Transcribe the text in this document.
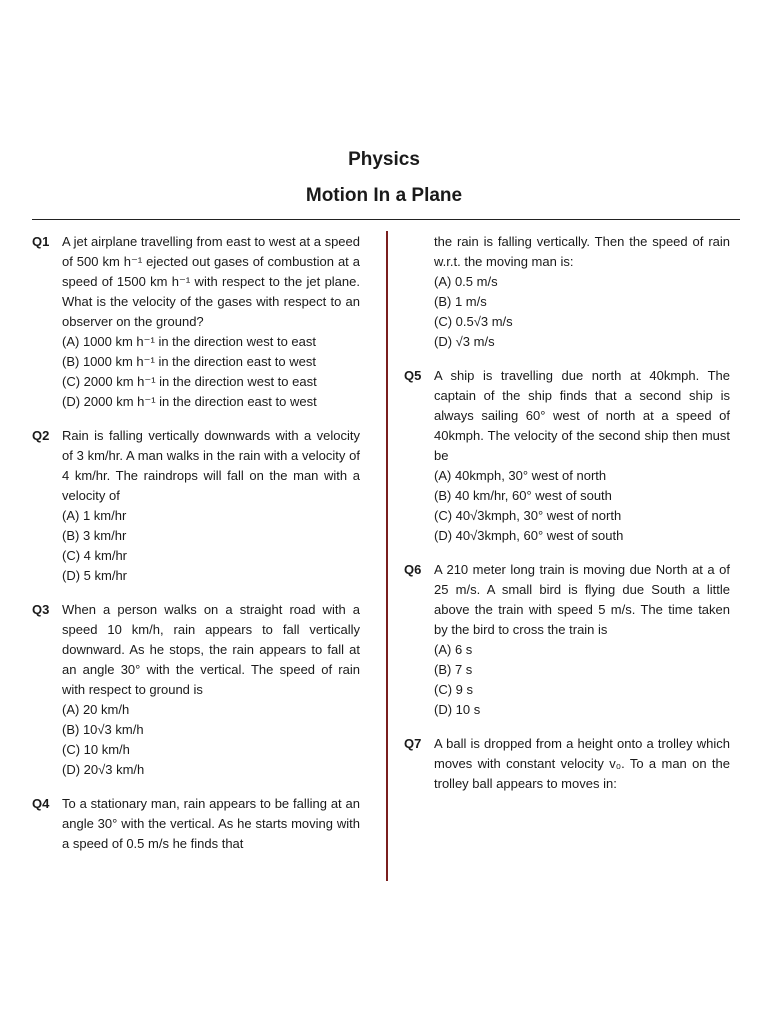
Physics
Motion In a Plane
Q1 A jet airplane travelling from east to west at a speed of 500 km h⁻¹ ejected out gases of combustion at a speed of 1500 km h⁻¹ with respect to the jet plane. What is the velocity of the gases with respect to an observer on the ground?
(A) 1000 km h⁻¹ in the direction west to east
(B) 1000 km h⁻¹ in the direction east to west
(C) 2000 km h⁻¹ in the direction west to east
(D) 2000 km h⁻¹ in the direction east to west
Q2 Rain is falling vertically downwards with a velocity of 3 km/hr. A man walks in the rain with a velocity of 4 km/hr. The raindrops will fall on the man with a velocity of
(A) 1 km/hr
(B) 3 km/hr
(C) 4 km/hr
(D) 5 km/hr
Q3 When a person walks on a straight road with a speed 10 km/h, rain appears to fall vertically downward. As he stops, the rain appears to fall at an angle 30° with the vertical. The speed of rain with respect to ground is
(A) 20 km/h
(B) 10√3 km/h
(C) 10 km/h
(D) 20√3 km/h
Q4 To a stationary man, rain appears to be falling at an angle 30° with the vertical. As he starts moving with a speed of 0.5 m/s he finds that
the rain is falling vertically. Then the speed of rain w.r.t. the moving man is:
(A) 0.5 m/s
(B) 1 m/s
(C) 0.5√3 m/s
(D) √3 m/s
Q5 A ship is travelling due north at 40kmph. The captain of the ship finds that a second ship is always sailing 60° west of north at a speed of 40kmph. The velocity of the second ship then must be
(A) 40kmph, 30° west of north
(B) 40 km/hr, 60° west of south
(C) 40√3kmph, 30° west of north
(D) 40√3kmph, 60° west of south
Q6 A 210 meter long train is moving due North at a of 25 m/s. A small bird is flying due South a little above the train with speed 5 m/s. The time taken by the bird to cross the train is
(A) 6 s
(B) 7 s
(C) 9 s
(D) 10 s
Q7 A ball is dropped from a height onto a trolley which moves with constant velocity v₀. To a man on the trolley ball appears to moves in:
